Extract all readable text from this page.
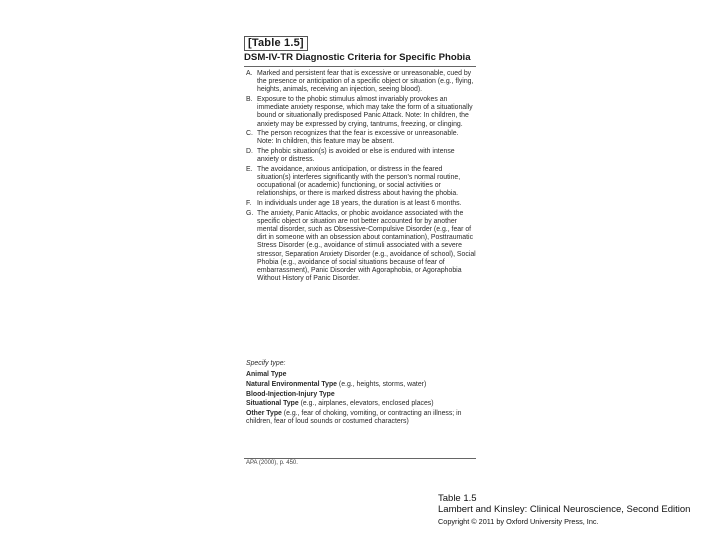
[Table 1.5]
DSM-IV-TR Diagnostic Criteria for Specific Phobia
A. Marked and persistent fear that is excessive or unreasonable, cued by the presence or anticipation of a specific object or situation (e.g., flying, heights, animals, receiving an injection, seeing blood).
B. Exposure to the phobic stimulus almost invariably provokes an immediate anxiety response, which may take the form of a situationally bound or situationally predisposed Panic Attack. Note: In children, the anxiety may be expressed by crying, tantrums, freezing, or clinging.
C. The person recognizes that the fear is excessive or unreasonable. Note: In children, this feature may be absent.
D. The phobic situation(s) is avoided or else is endured with intense anxiety or distress.
E. The avoidance, anxious anticipation, or distress in the feared situation(s) interferes significantly with the person's normal routine, occupational (or academic) functioning, or social activities or relationships, or there is marked distress about having the phobia.
F. In individuals under age 18 years, the duration is at least 6 months.
G. The anxiety, Panic Attacks, or phobic avoidance associated with the specific object or situation are not better accounted for by another mental disorder, such as Obsessive-Compulsive Disorder (e.g., fear of dirt in someone with an obsession about contamination), Posttraumatic Stress Disorder (e.g., avoidance of stimuli associated with a severe stressor, Separation Anxiety Disorder (e.g., avoidance of school), Social Phobia (e.g., avoidance of social situations because of fear of embarrassment), Panic Disorder with Agoraphobia, or Agoraphobia Without History of Panic Disorder.
Specify type:
Animal Type
Natural Environmental Type (e.g., heights, storms, water)
Blood-Injection-Injury Type
Situational Type (e.g., airplanes, elevators, enclosed places)
Other Type (e.g., fear of choking, vomiting, or contracting an illness; in children, fear of loud sounds or costumed characters)
APA (2000), p. 450.
Table 1.5
Lambert and Kinsley: Clinical Neuroscience, Second Edition
Copyright © 2011 by Oxford University Press, Inc.
